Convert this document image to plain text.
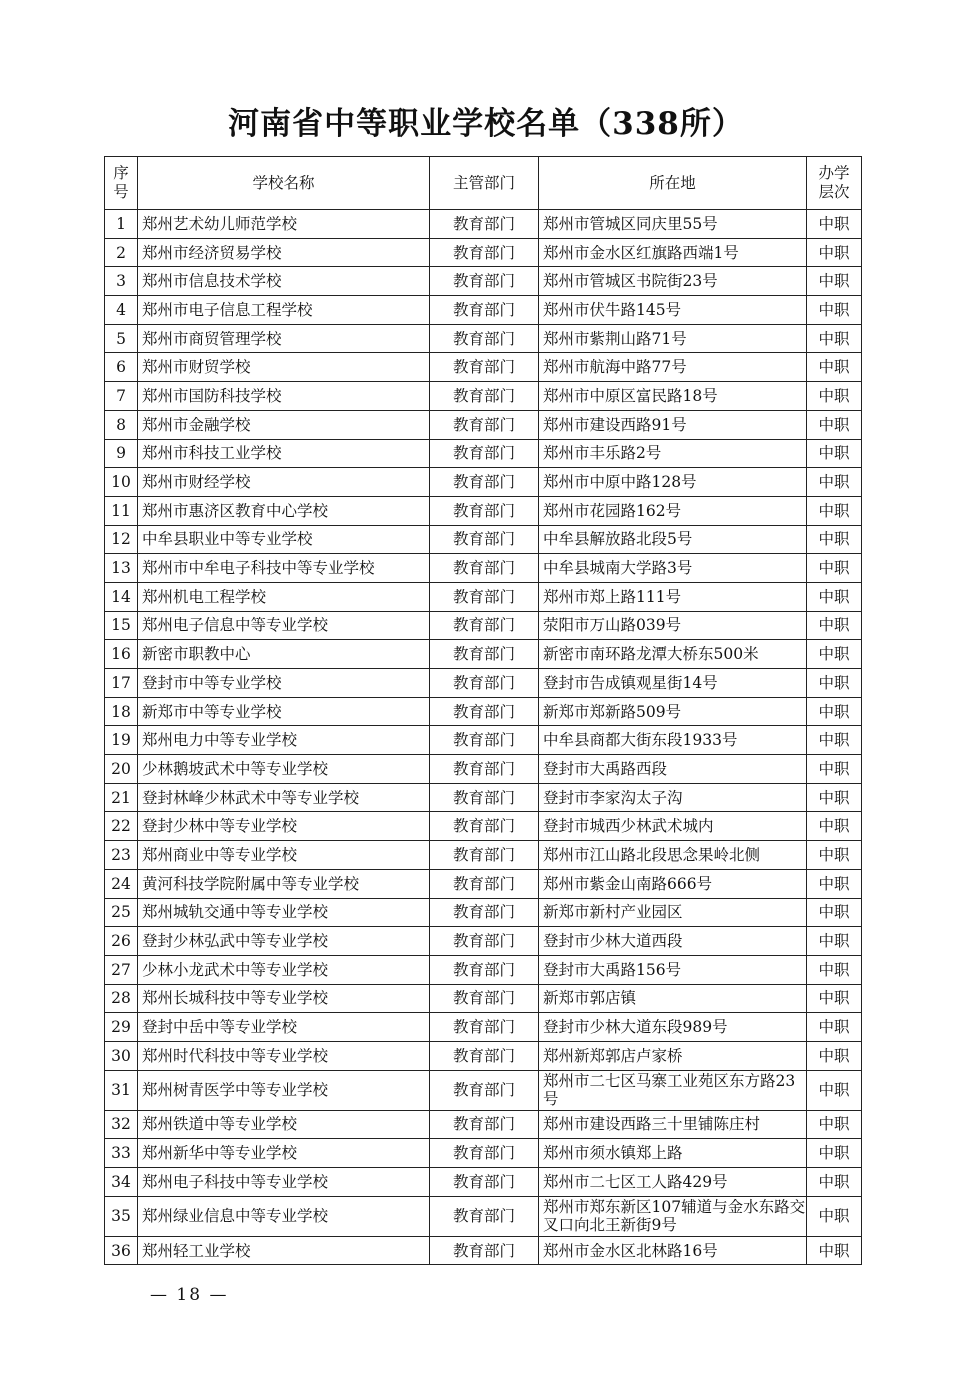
河南省中等职业学校名单（338所）
序号	学校名称	主管部门	所在地	办学层次
1	郑州艺术幼儿师范学校	教育部门	郑州市管城区同庆里55号	中职
2	郑州市经济贸易学校	教育部门	郑州市金水区红旗路西端1号	中职
3	郑州市信息技术学校	教育部门	郑州市管城区书院街23号	中职
4	郑州市电子信息工程学校	教育部门	郑州市伏牛路145号	中职
5	郑州市商贸管理学校	教育部门	郑州市紫荆山路71号	中职
6	郑州市财贸学校	教育部门	郑州市航海中路77号	中职
7	郑州市国防科技学校	教育部门	郑州市中原区富民路18号	中职
8	郑州市金融学校	教育部门	郑州市建设西路91号	中职
9	郑州市科技工业学校	教育部门	郑州市丰乐路2号	中职
10	郑州市财经学校	教育部门	郑州市中原中路128号	中职
11	郑州市惠济区教育中心学校	教育部门	郑州市花园路162号	中职
12	中牟县职业中等专业学校	教育部门	中牟县解放路北段5号	中职
13	郑州市中牟电子科技中等专业学校	教育部门	中牟县城南大学路3号	中职
14	郑州机电工程学校	教育部门	郑州市郑上路111号	中职
15	郑州电子信息中等专业学校	教育部门	荥阳市万山路039号	中职
16	新密市职教中心	教育部门	新密市南环路龙潭大桥东500米	中职
17	登封市中等专业学校	教育部门	登封市告成镇观星街14号	中职
18	新郑市中等专业学校	教育部门	新郑市郑新路509号	中职
19	郑州电力中等专业学校	教育部门	中牟县商都大街东段1933号	中职
20	少林鹅坡武术中等专业学校	教育部门	登封市大禹路西段	中职
21	登封林峰少林武术中等专业学校	教育部门	登封市李家沟太子沟	中职
22	登封少林中等专业学校	教育部门	登封市城西少林武术城内	中职
23	郑州商业中等专业学校	教育部门	郑州市江山路北段思念果岭北侧	中职
24	黄河科技学院附属中等专业学校	教育部门	郑州市紫金山南路666号	中职
25	郑州城轨交通中等专业学校	教育部门	新郑市新村产业园区	中职
26	登封少林弘武中等专业学校	教育部门	登封市少林大道西段	中职
27	少林小龙武术中等专业学校	教育部门	登封市大禹路156号	中职
28	郑州长城科技中等专业学校	教育部门	新郑市郭店镇	中职
29	登封中岳中等专业学校	教育部门	登封市少林大道东段989号	中职
30	郑州时代科技中等专业学校	教育部门	郑州新郑郭店卢家桥	中职
31	郑州树青医学中等专业学校	教育部门	郑州市二七区马寨工业苑区东方路23号	中职
32	郑州铁道中等专业学校	教育部门	郑州市建设西路三十里铺陈庄村	中职
33	郑州新华中等专业学校	教育部门	郑州市须水镇郑上路	中职
34	郑州电子科技中等专业学校	教育部门	郑州市二七区工人路429号	中职
35	郑州绿业信息中等专业学校	教育部门	郑州市郑东新区107辅道与金水东路交叉口向北王新街9号	中职
36	郑州轻工业学校	教育部门	郑州市金水区北林路16号	中职
— 18 —
